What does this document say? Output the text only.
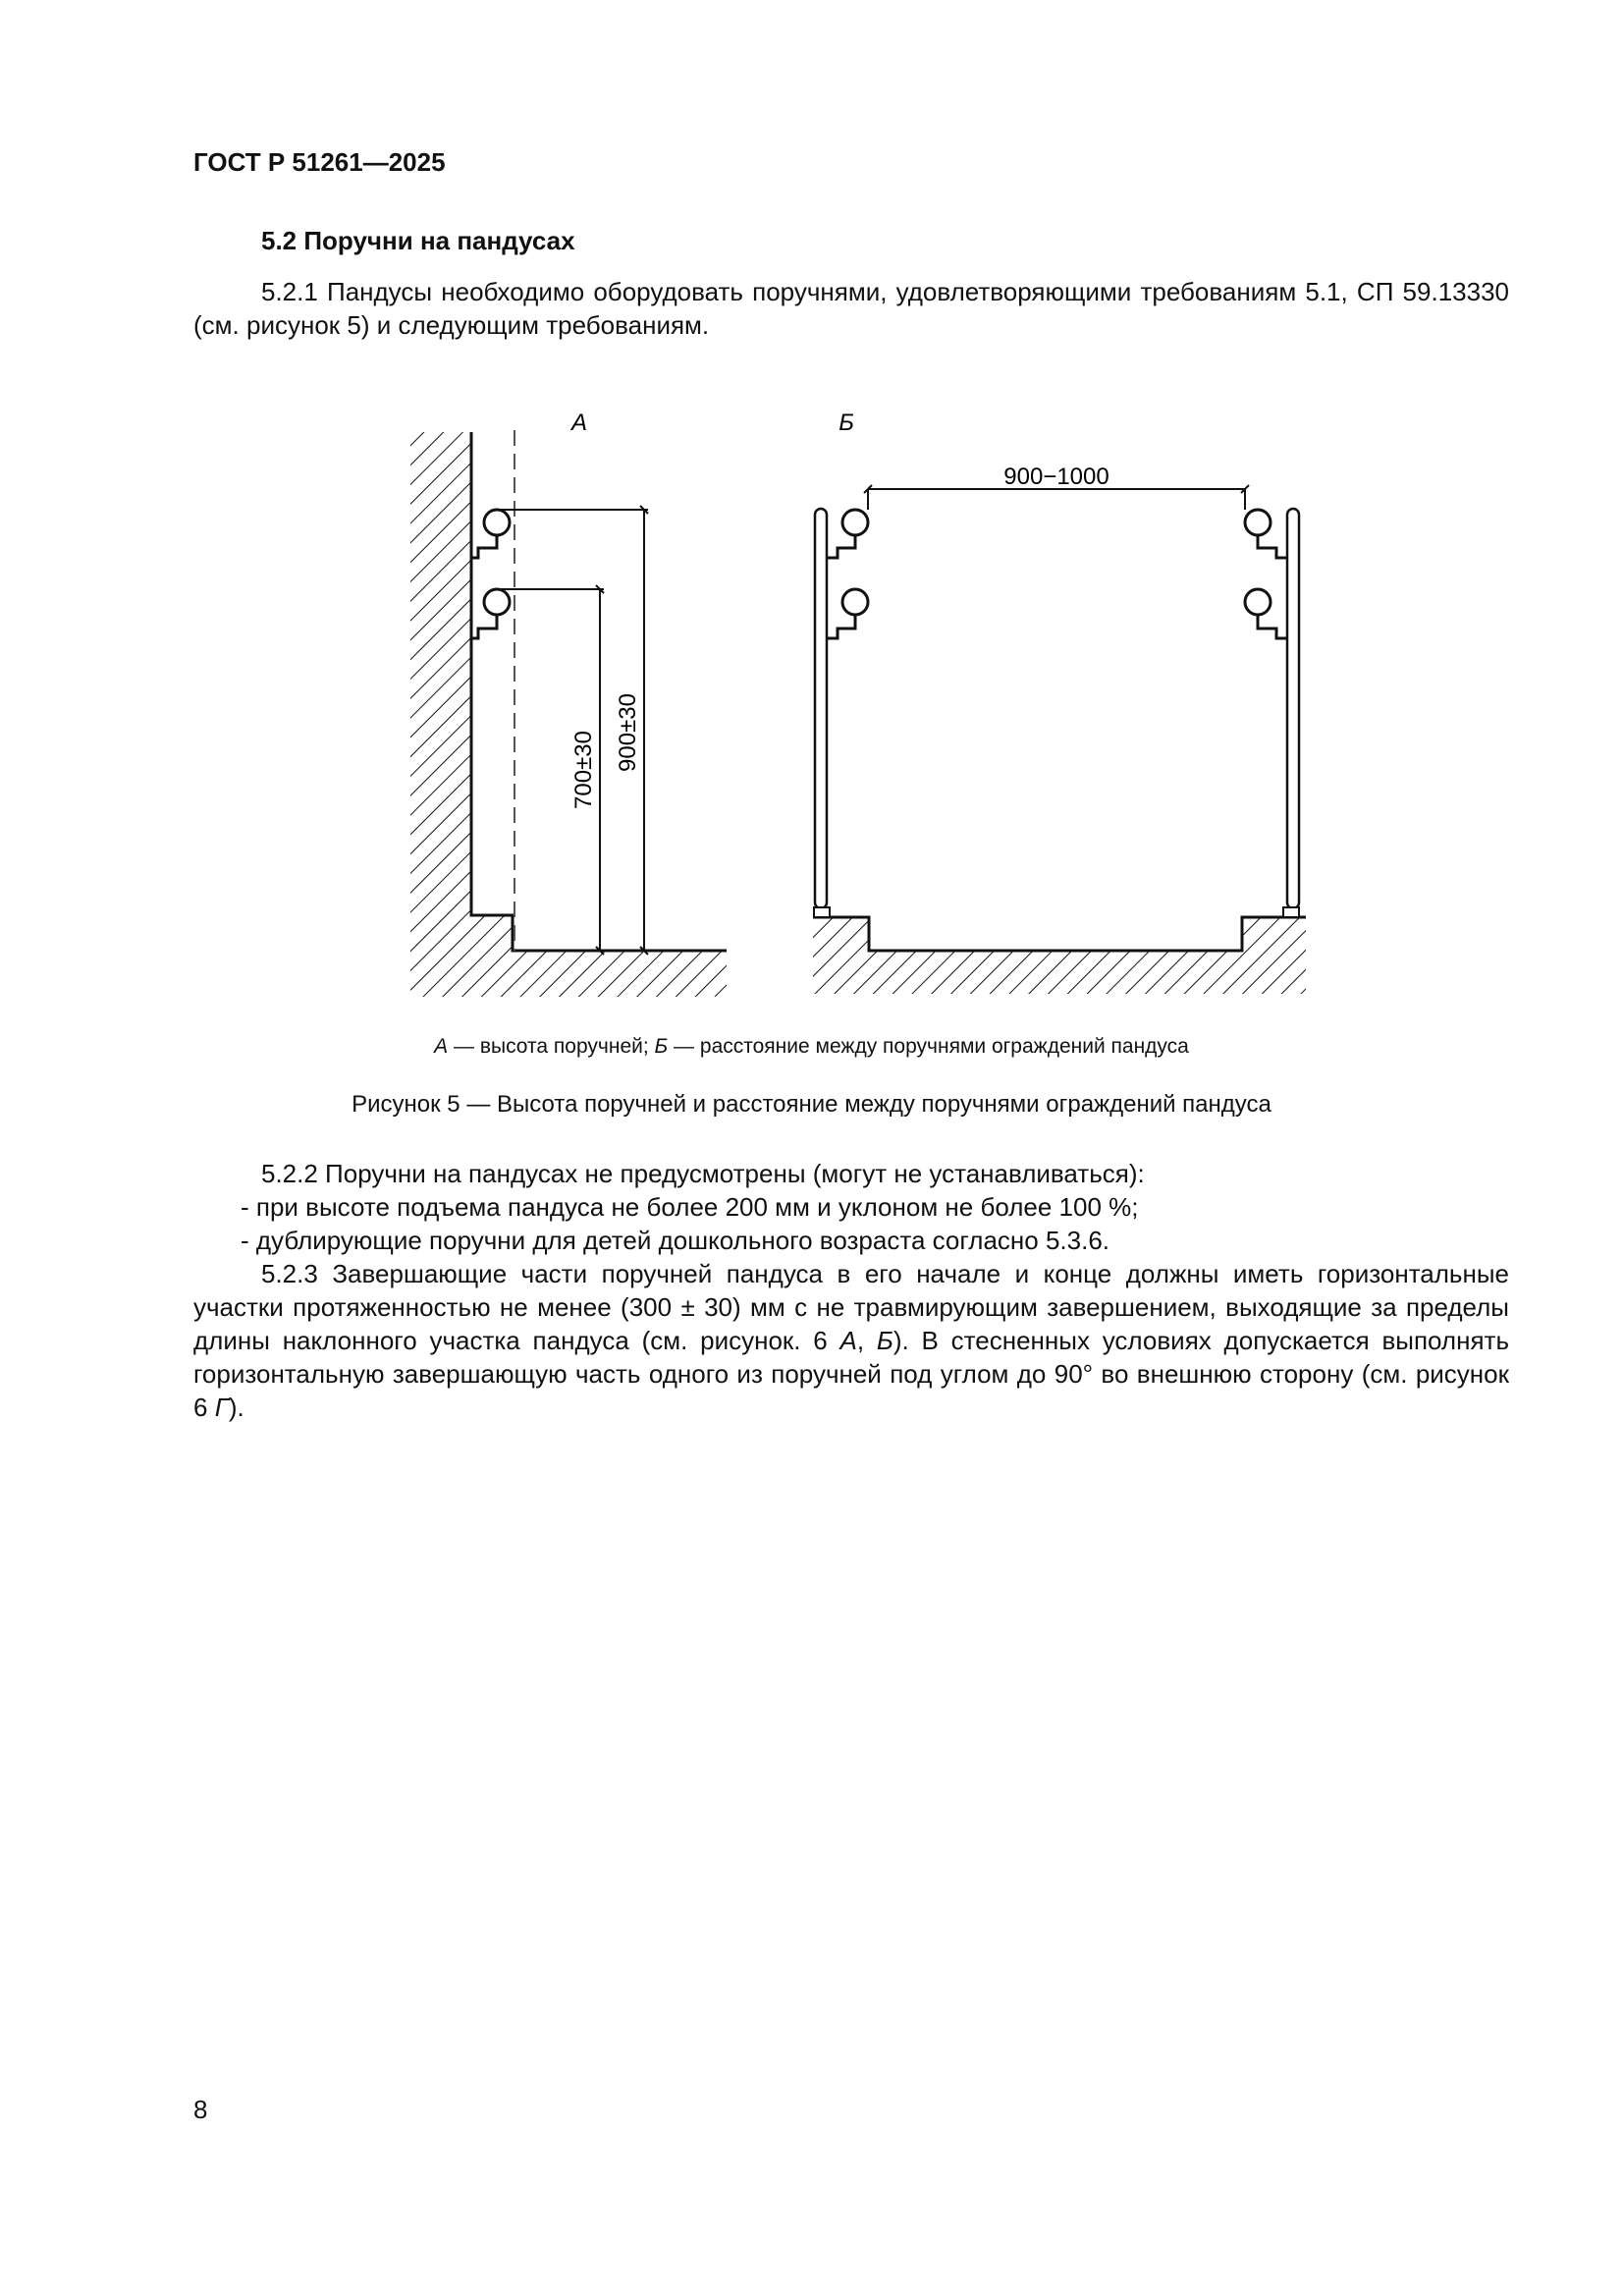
ГОСТ Р 51261—2025
5.2 Поручни на пандусах
5.2.1 Пандусы необходимо оборудовать поручнями, удовлетворяющими требованиям 5.1, СП 59.13330 (см. рисунок 5) и следующим требованиям.
А
700±30 900±30
Б
900−1000
А — высота поручней; Б — расстояние между поручнями ограждений пандуса
Рисунок 5 — Высота поручней и расстояние между поручнями ограждений пандуса
5.2.2 Поручни на пандусах не предусмотрены (могут не устанавливаться):
- при высоте подъема пандуса не более 200 мм и уклоном не более 100 %;
- дублирующие поручни для детей дошкольного возраста согласно 5.3.6.
5.2.3 Завершающие части поручней пандуса в его начале и конце должны иметь горизонтальные участки протяженностью не менее (300 ± 30) мм с не травмирующим завершением, выходящие за пределы длины наклонного участка пандуса (см. рисунок. 6 А, Б). В стесненных условиях допускается выполнять горизонтальную завершающую часть одного из поручней под углом до 90° во внешнюю сторону (см. рисунок 6 Г).
8
